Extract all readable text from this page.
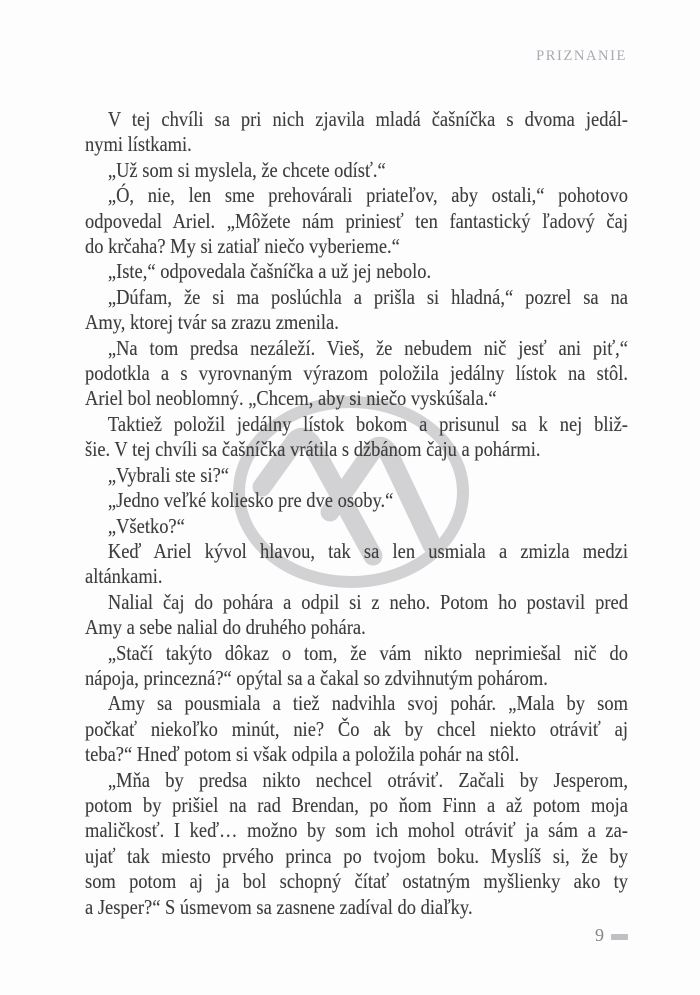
PRIZNANIE
V tej chvíli sa pri nich zjavila mladá čašníčka s dvoma jedál-
nymi lístkami.
„Už som si myslela, že chcete odísť.“
„Ó, nie, len sme prehovárali priateľov, aby ostali,“ pohotovo
odpovedal Ariel. „Môžete nám priniesť ten fantastický ľadový čaj
do krčaha? My si zatiaľ niečo vyberieme.“
„Iste,“ odpovedala čašníčka a už jej nebolo.
„Dúfam, že si ma poslúchla a prišla si hladná,“ pozrel sa na
Amy, ktorej tvár sa zrazu zmenila.
„Na tom predsa nezáleží. Vieš, že nebudem nič jesť ani piť,“
podotkla a s vyrovnaným výrazom položila jedálny lístok na stôl.
Ariel bol neoblomný. „Chcem, aby si niečo vyskúšala.“
Taktiež položil jedálny lístok bokom a prisunul sa k nej bliž-
šie. V tej chvíli sa čašníčka vrátila s džbánom čaju a pohármi.
„Vybrali ste si?“
„Jedno veľké koliesko pre dve osoby.“
„Všetko?“
Keď Ariel kývol hlavou, tak sa len usmiala a zmizla medzi
altánkami.
Nalial čaj do pohára a odpil si z neho. Potom ho postavil pred
Amy a sebe nalial do druhého pohára.
„Stačí takýto dôkaz o tom, že vám nikto neprimiešal nič do
nápoja, princezná?“ opýtal sa a čakal so zdvihnutým pohárom.
Amy sa pousmiala a tiež nadvihla svoj pohár. „Mala by som
počkať niekoľko minút, nie? Čo ak by chcel niekto otráviť aj
teba?“ Hneď potom si však odpila a položila pohár na stôl.
„Mňa by predsa nikto nechcel otráviť. Začali by Jesperom,
potom by prišiel na rad Brendan, po ňom Finn a až potom moja
maličkosť. I keď… možno by som ich mohol otráviť ja sám a za-
ujať tak miesto prvého princa po tvojom boku. Myslíš si, že by
som potom aj ja bol schopný čítať ostatným myšlienky ako ty
a Jesper?“ S úsmevom sa zasnene zadíval do diaľky.
9
